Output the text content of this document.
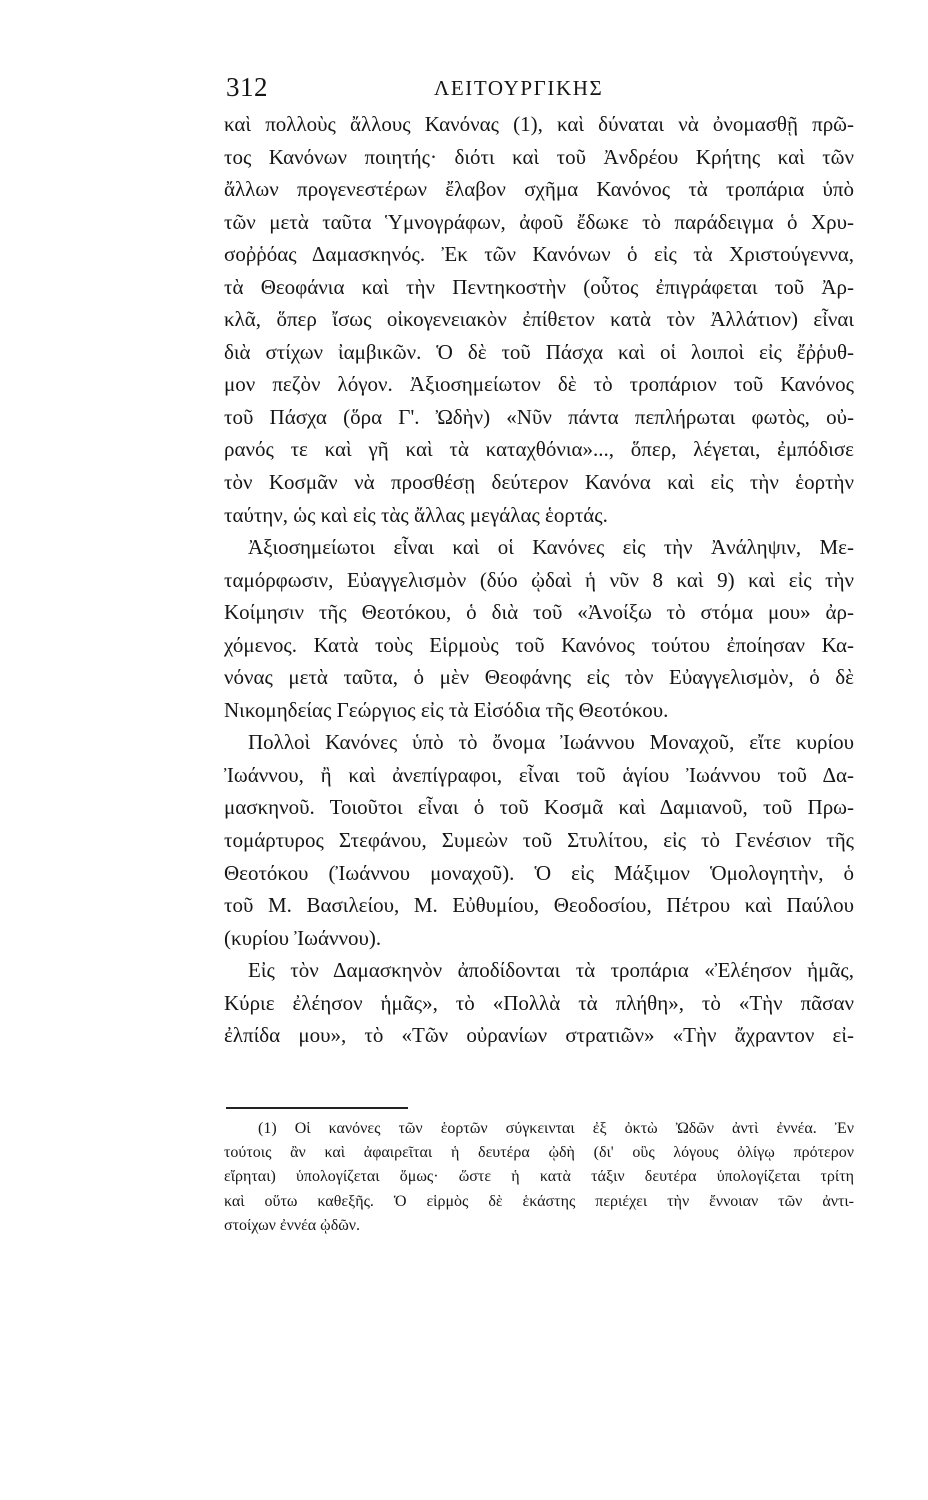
312	ΛΕΙΤΟΥΡΓΙΚΗΣ
καὶ πολλοὺς ἄλλους Κανόνας (1), καὶ δύναται νὰ ὀνομασθῇ πρῶ-
τος Κανόνων ποιητής· διότι καὶ τοῦ Ἀνδρέου Κρήτης καὶ τῶν
ἄλλων προγενεστέρων ἔλαβον σχῆμα Κανόνος τὰ τροπάρια ὑπὸ
τῶν μετὰ ταῦτα Ὑμνογράφων, ἀφοῦ ἔδωκε τὸ παράδειγμα ὁ Χρυ-
σοῤῥόας Δαμασκηνός. Ἐκ τῶν Κανόνων ὁ εἰς τὰ Χριστούγεννα,
τὰ Θεοφάνια καὶ τὴν Πεντηκοστὴν (οὗτος ἐπιγράφεται τοῦ Ἀρ-
κλᾶ, ὅπερ ἴσως οἰκογενειακὸν ἐπίθετον κατὰ τὸν Ἀλλάτιον) εἶναι
διὰ στίχων ἰαμβικῶν. Ὁ δὲ τοῦ Πάσχα καὶ οἱ λοιποὶ εἰς ἔῤῥυθ-
μον πεζὸν λόγον. Ἀξιοσημείωτον δὲ τὸ τροπάριον τοῦ Κανόνος
τοῦ Πάσχα (ὅρα Γ'. Ὠδὴν) «Νῦν πάντα πεπλήρωται φωτὸς, οὐ-
ρανός τε καὶ γῆ καὶ τὰ καταχθόνια»..., ὅπερ, λέγεται, ἐμπόδισε
τὸν Κοσμᾶν νὰ προσθέσῃ δεύτερον Κανόνα καὶ εἰς τὴν ἑορτὴν
ταύτην, ὡς καὶ εἰς τὰς ἄλλας μεγάλας ἑορτάς.
Ἀξιοσημείωτοι εἶναι καὶ οἱ Κανόνες εἰς τὴν Ἀνάληψιν, Με-
ταμόρφωσιν, Εὐαγγελισμὸν (δύο ᾠδαὶ ἡ νῦν 8 καὶ 9) καὶ εἰς τὴν
Κοίμησιν τῆς Θεοτόκου, ὁ διὰ τοῦ «Ἀνοίξω τὸ στόμα μου» ἀρ-
χόμενος. Κατὰ τοὺς Εἱρμοὺς τοῦ Κανόνος τούτου ἐποίησαν Κα-
νόνας μετὰ ταῦτα, ὁ μὲν Θεοφάνης εἰς τὸν Εὐαγγελισμὸν, ὁ δὲ
Νικομηδείας Γεώργιος εἰς τὰ Εἰσόδια τῆς Θεοτόκου.
Πολλοὶ Κανόνες ὑπὸ τὸ ὄνομα Ἰωάννου Μοναχοῦ, εἴτε κυρίου
Ἰωάννου, ἢ καὶ ἀνεπίγραφοι, εἶναι τοῦ ἁγίου Ἰωάννου τοῦ Δα-
μασκηνοῦ. Τοιοῦτοι εἶναι ὁ τοῦ Κοσμᾶ καὶ Δαμιανοῦ, τοῦ Πρω-
τομάρτυρος Στεφάνου, Συμεὼν τοῦ Στυλίτου, εἰς τὸ Γενέσιον τῆς
Θεοτόκου (Ἰωάννου μοναχοῦ). Ὁ εἰς Μάξιμον Ὁμολογητὴν, ὁ
τοῦ Μ. Βασιλείου, Μ. Εὐθυμίου, Θεοδοσίου, Πέτρου καὶ Παύλου
(κυρίου Ἰωάννου).
Εἰς τὸν Δαμασκηνὸν ἀποδίδονται τὰ τροπάρια «Ἐλέησον ἡμᾶς,
Κύριε ἐλέησον ἡμᾶς», τὸ «Πολλὰ τὰ πλήθη», τὸ «Τὴν πᾶσαν
ἐλπίδα μου», τὸ «Τῶν οὐρανίων στρατιῶν» «Τὴν ἄχραντον εἰ-
(1) Οἱ κανόνες τῶν ἑορτῶν σύγκεινται ἐξ ὀκτὼ Ὠδῶν ἀντὶ ἐννέα. Ἐν
τούτοις ἂν καὶ ἀφαιρεῖται ἡ δευτέρα ᾠδὴ (δι' οὓς λόγους ὀλίγῳ πρότερον
εἴρηται) ὑπολογίζεται ὅμως· ὥστε ἡ κατὰ τάξιν δευτέρα ὑπολογίζεται τρίτη
καὶ οὕτω καθεξῆς. Ὁ εἱρμὸς δὲ ἑκάστης περιέχει τὴν ἔννοιαν τῶν ἀντι-
στοίχων ἐννέα ᾠδῶν.
